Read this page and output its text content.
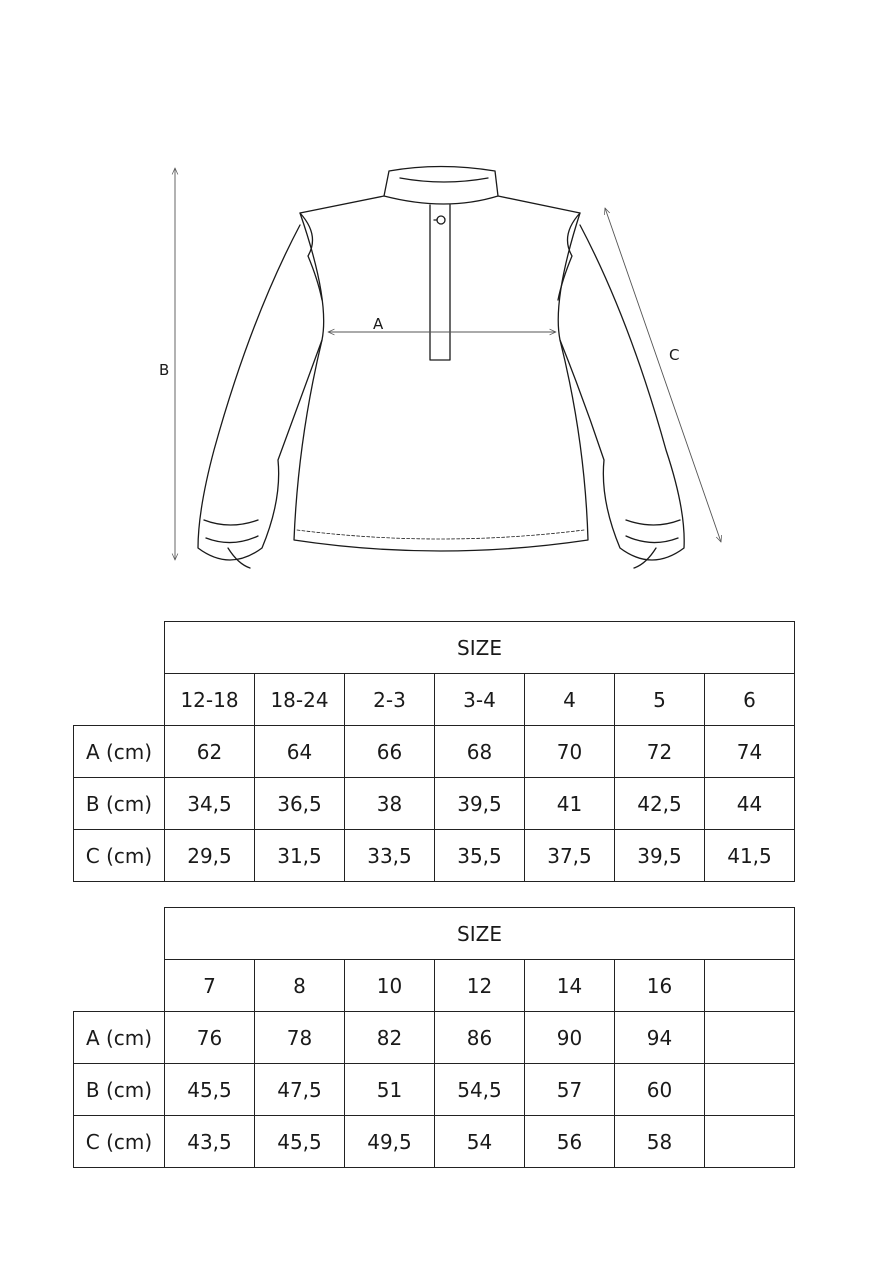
A
B
C
	SIZE						
	12-18	18-24	2-3	3-4	4	5	6
A (cm)	62	64	66	68	70	72	74
B (cm)	34,5	36,5	38	39,5	41	42,5	44
C (cm)	29,5	31,5	33,5	35,5	37,5	39,5	41,5
	SIZE						
	7	8	10	12	14	16	
A (cm)	76	78	82	86	90	94	
B (cm)	45,5	47,5	51	54,5	57	60	
C (cm)	43,5	45,5	49,5	54	56	58	
